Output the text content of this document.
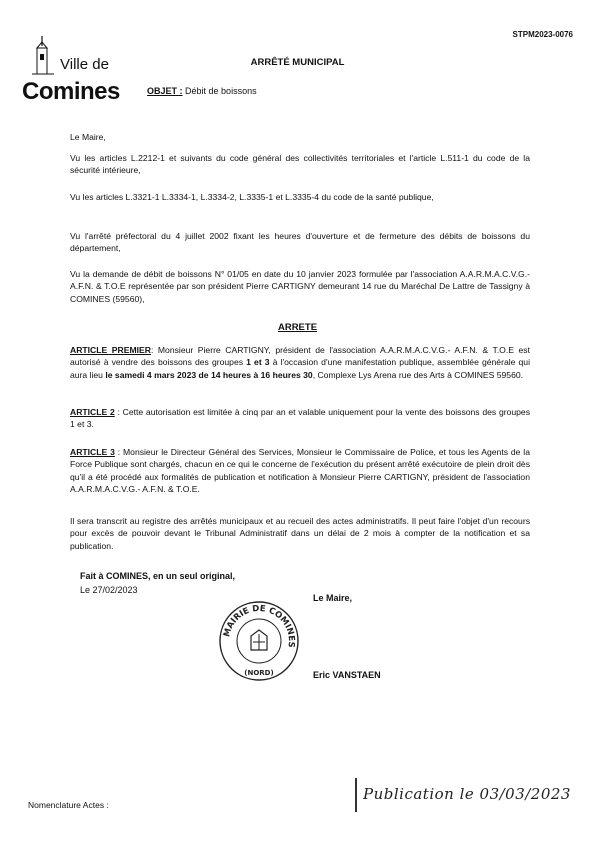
STPM2023-0076
Ville de
Comines
ARRÊTÉ MUNICIPAL
OBJET : Débit de boissons
Le Maire,
Vu les articles L.2212-1 et suivants du code général des collectivités territoriales et l'article L.511-1 du code de la sécurité intérieure,
Vu les articles L.3321-1 L.3334-1, L.3334-2, L.3335-1 et L.3335-4 du code de la santé publique,
Vu l'arrêté préfectoral du 4 juillet 2002 fixant les heures d'ouverture et de fermeture des débits de boissons du département,
Vu la demande de débit de boissons N° 01/05 en date du 10 janvier 2023 formulée par l'association A.A.R.M.A.C.V.G.- A.F.N. & T.O.E représentée par son président Pierre CARTIGNY demeurant 14 rue du Maréchal De Lattre de Tassigny à COMINES (59560),
ARRETE
ARTICLE PREMIER: Monsieur Pierre CARTIGNY, président de l'association A.A.R.M.A.C.V.G.- A.F.N. & T.O.E est autorisé à vendre des boissons des groupes 1 et 3 à l'occasion d'une manifestation publique, assemblée générale qui aura lieu le samedi 4 mars 2023 de 14 heures à 16 heures 30, Complexe Lys Arena rue des Arts à COMINES 59560.
ARTICLE 2 : Cette autorisation est limitée à cinq par an et valable uniquement pour la vente des boissons des groupes 1 et 3.
ARTICLE 3 : Monsieur le Directeur Général des Services, Monsieur le Commissaire de Police, et tous les Agents de la Force Publique sont chargés, chacun en ce qui le concerne de l'exécution du présent arrêté exécutoire de plein droit dès qu'il a été procédé aux formalités de publication et notification à Monsieur Pierre CARTIGNY, président de l'association A.A.R.M.A.C.V.G.- A.F.N. & T.O.E.
Il sera transcrit au registre des arrêtés municipaux et au recueil des actes administratifs. Il peut faire l'objet d'un recours pour excès de pouvoir devant le Tribunal Administratif dans un délai de 2 mois à compter de la notification et sa publication.
Fait à COMINES, en un seul original,
Le 27/02/2023
Le Maire,
MAIRIE DE COMINES
(NORD)	Eric VANSTAEN
Nomenclature Actes :
Publication le 03/03/2023
